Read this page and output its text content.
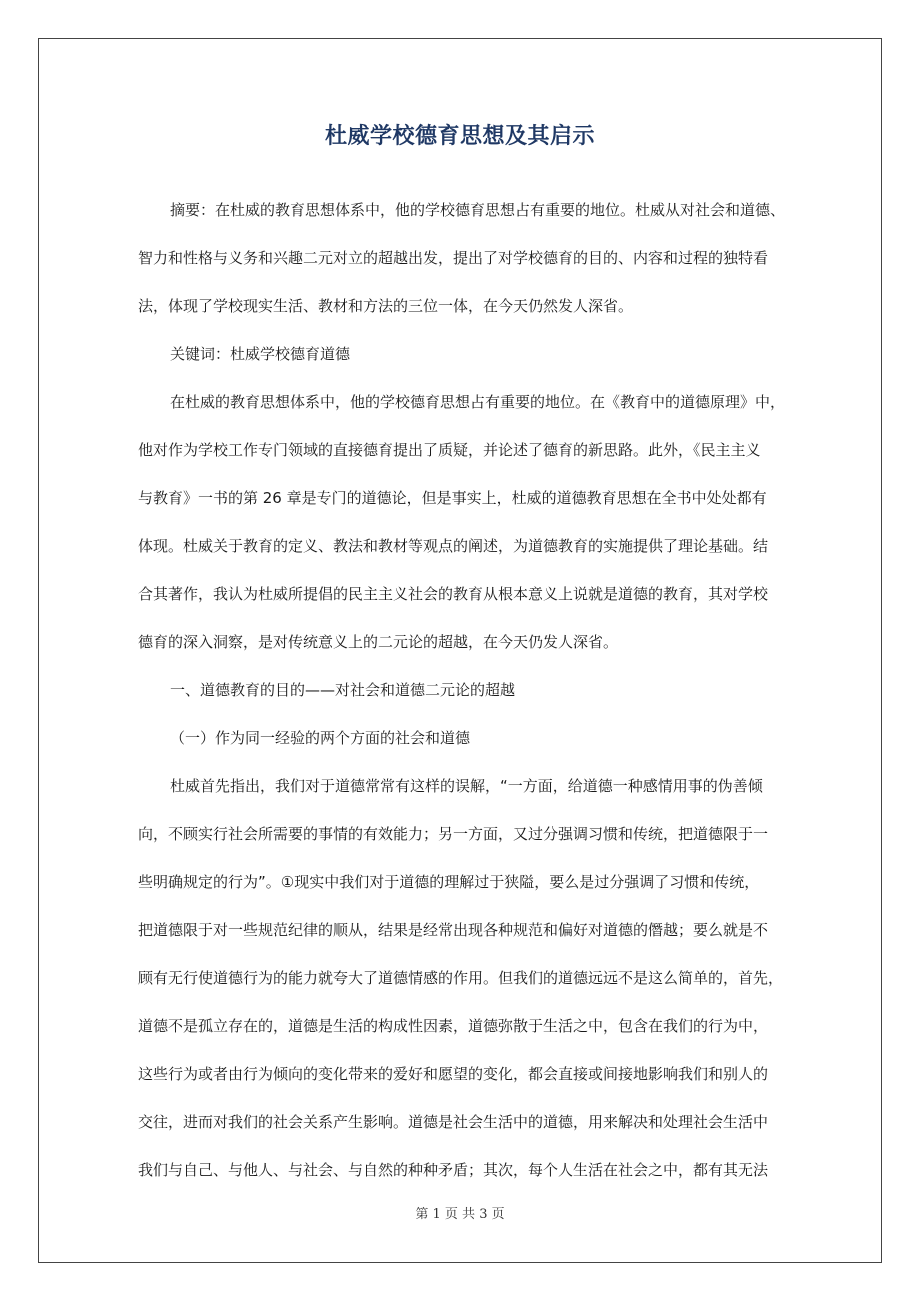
杜威学校德育思想及其启示
摘要：在杜威的教育思想体系中，他的学校德育思想占有重要的地位。杜威从对社会和道德、
智力和性格与义务和兴趣二元对立的超越出发，提出了对学校德育的目的、内容和过程的独特看
法，体现了学校现实生活、教材和方法的三位一体，在今天仍然发人深省。
关键词：杜威学校德育道德
在杜威的教育思想体系中，他的学校德育思想占有重要的地位。在《教育中的道德原理》中，
他对作为学校工作专门领域的直接德育提出了质疑，并论述了德育的新思路。此外，《民主主义
与教育》一书的第 26 章是专门的道德论，但是事实上，杜威的道德教育思想在全书中处处都有
体现。杜威关于教育的定义、教法和教材等观点的阐述，为道德教育的实施提供了理论基础。结
合其著作，我认为杜威所提倡的民主主义社会的教育从根本意义上说就是道德的教育，其对学校
德育的深入洞察，是对传统意义上的二元论的超越，在今天仍发人深省。
一、道德教育的目的——对社会和道德二元论的超越
（一）作为同一经验的两个方面的社会和道德
杜威首先指出，我们对于道德常常有这样的误解，“一方面，给道德一种感情用事的伪善倾
向，不顾实行社会所需要的事情的有效能力；另一方面，又过分强调习惯和传统，把道德限于一
些明确规定的行为”。①现实中我们对于道德的理解过于狭隘，要么是过分强调了习惯和传统，
把道德限于对一些规范纪律的顺从，结果是经常出现各种规范和偏好对道德的僭越；要么就是不
顾有无行使道德行为的能力就夸大了道德情感的作用。但我们的道德远远不是这么简单的，首先，
道德不是孤立存在的，道德是生活的构成性因素，道德弥散于生活之中，包含在我们的行为中，
这些行为或者由行为倾向的变化带来的爱好和愿望的变化，都会直接或间接地影响我们和别人的
交往，进而对我们的社会关系产生影响。道德是社会生活中的道德，用来解决和处理社会生活中
我们与自己、与他人、与社会、与自然的种种矛盾；其次，每个人生活在社会之中，都有其无法
第 1 页 共 3 页
